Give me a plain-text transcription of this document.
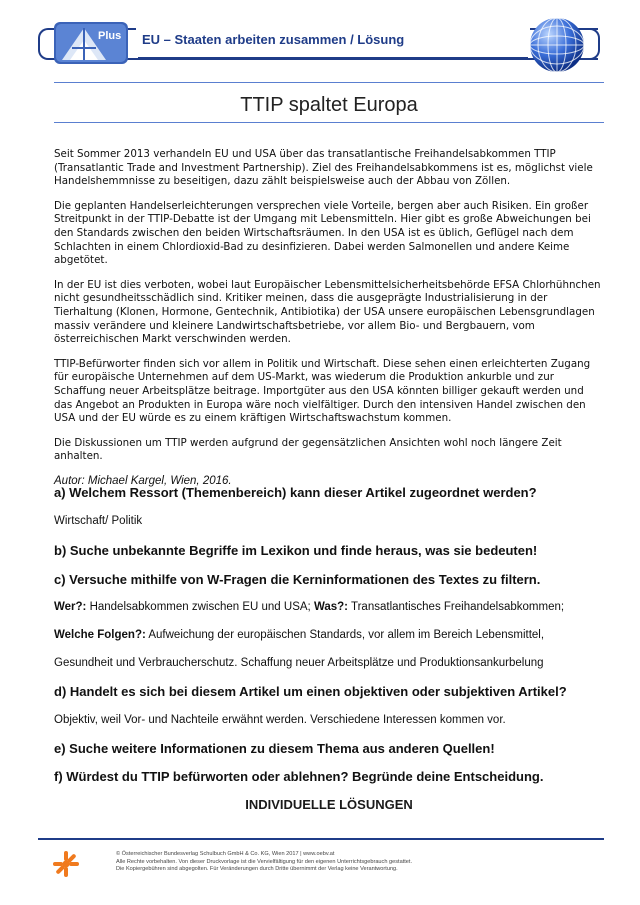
EU – Staaten arbeiten zusammen / Lösung
Plus
TTIP spaltet Europa

Seit Sommer 2013 verhandeln EU und USA über das transatlantische Freihandelsabkommen TTIP (Transatlantic Trade and Investment Partnership). Ziel des Freihandelsabkommens ist es, möglichst viele Handelshemmnisse zu beseitigen, dazu zählt beispielsweise auch der Abbau von Zöllen.

Die geplanten Handelserleichterungen versprechen viele Vorteile, bergen aber auch Risiken. Ein großer Streitpunkt in der TTIP-Debatte ist der Umgang mit Lebensmitteln. Hier gibt es große Abweichungen bei den Standards zwischen den beiden Wirtschaftsräumen. In den USA ist es üblich, Geflügel nach dem Schlachten in einem Chlordioxid-Bad zu desinfizieren. Dabei werden Salmonellen und andere Keime abgetötet.

In der EU ist dies verboten, wobei laut Europäischer Lebensmittelsicherheitsbehörde EFSA Chlorhühnchen nicht gesundheitsschädlich sind. Kritiker meinen, dass die ausgeprägte Industrialisierung in der Tierhaltung (Klonen, Hormone, Gentechnik, Antibiotika) der USA unsere europäischen Lebensgrundlagen massiv verändere und kleinere Landwirtschaftsbetriebe, vor allem Bio- und Bergbauern, vom österreichischen Markt verschwinden werden.

TTIP-Befürworter finden sich vor allem in Politik und Wirtschaft. Diese sehen einen erleichterten Zugang für europäische Unternehmen auf dem US-Markt, was wiederum die Produktion ankurble und zur Schaffung neuer Arbeitsplätze beitrage. Importgüter aus den USA könnten billiger gekauft werden und das Angebot an Produkten in Europa wäre noch vielfältiger. Durch den intensiven Handel zwischen den USA und der EU würde es zu einem kräftigen Wirtschaftswachstum kommen.

Die Diskussionen um TTIP werden aufgrund der gegensätzlichen Ansichten wohl noch längere Zeit anhalten.

Autor: Michael Kargel, Wien, 2016.

a) Welchem Ressort (Themenbereich) kann dieser Artikel zugeordnet werden?
Wirtschaft/ Politik
b) Suche unbekannte Begriffe im Lexikon und finde heraus, was sie bedeuten!
c) Versuche mithilfe von W-Fragen die Kerninformationen des Textes zu filtern.
Wer?: Handelsabkommen zwischen EU und USA; Was?: Transatlantisches Freihandelsabkommen;
Welche Folgen?: Aufweichung der europäischen Standards, vor allem im Bereich Lebensmittel,
Gesundheit und Verbraucherschutz. Schaffung neuer Arbeitsplätze und Produktionsankurbelung
d) Handelt es sich bei diesem Artikel um einen objektiven oder subjektiven Artikel?
Objektiv, weil Vor- und Nachteile erwähnt werden. Verschiedene Interessen kommen vor.
e) Suche weitere Informationen zu diesem Thema aus anderen Quellen!
f) Würdest du TTIP befürworten oder ablehnen? Begründe deine Entscheidung.
INDIVIDUELLE LÖSUNGEN
© Österreichischer Bundesverlag Schulbuch GmbH & Co. KG, Wien 2017 | www.oebv.at
Alle Rechte vorbehalten. Von dieser Druckvorlage ist die Vervielfältigung für den eigenen Unterrichtsgebrauch gestattet.
Die Kopiergebühren sind abgegolten. Für Veränderungen durch Dritte übernimmt der Verlag keine Verantwortung.
